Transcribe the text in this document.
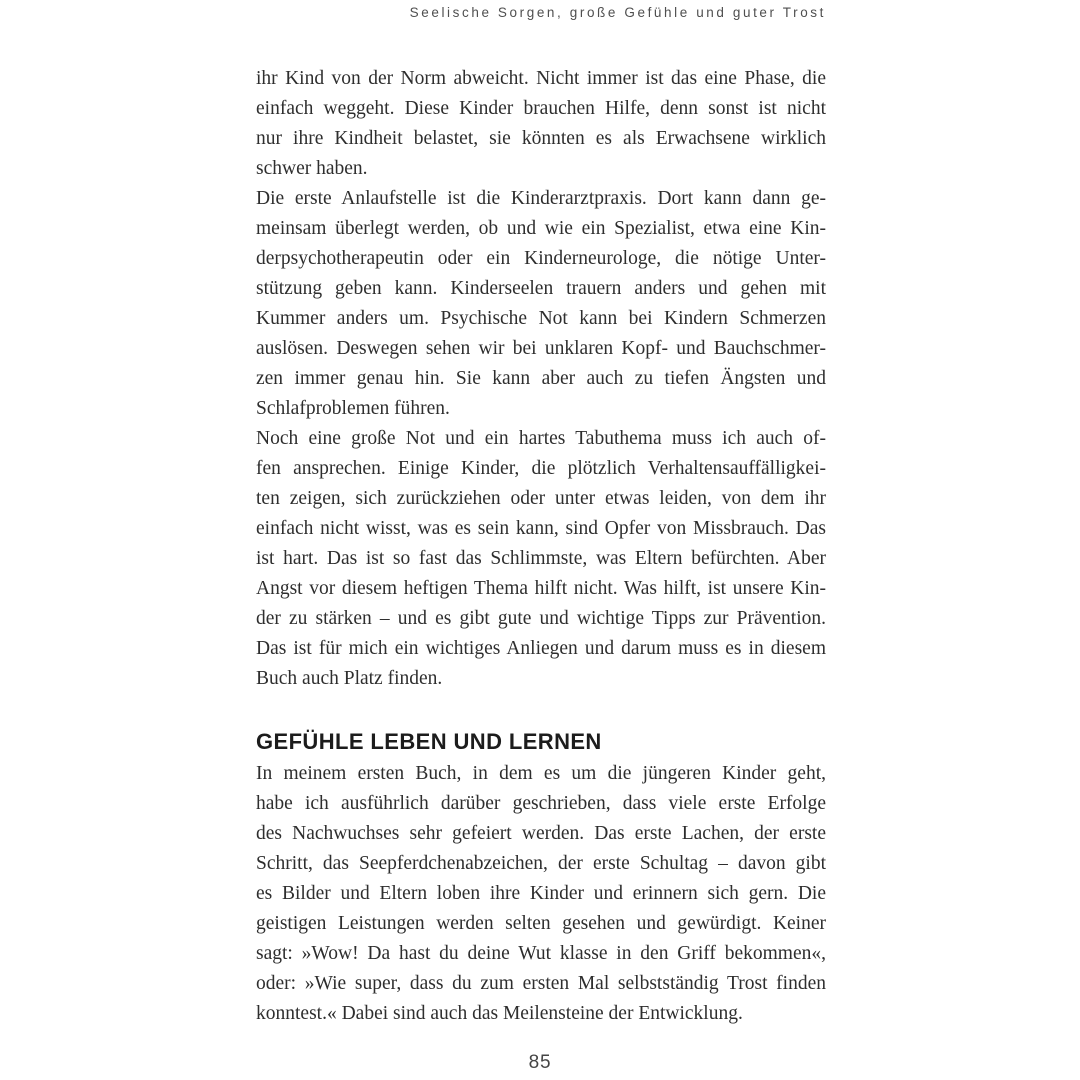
Seelische Sorgen, große Gefühle und guter Trost
ihr Kind von der Norm abweicht. Nicht immer ist das eine Phase, die
einfach weggeht. Diese Kinder brauchen Hilfe, denn sonst ist nicht
nur ihre Kindheit belastet, sie könnten es als Erwachsene wirklich
schwer haben.
Die erste Anlaufstelle ist die Kinderarztpraxis. Dort kann dann ge-
meinsam überlegt werden, ob und wie ein Spezialist, etwa eine Kin-
derpsychotherapeutin oder ein Kinderneurologe, die nötige Unter-
stützung geben kann. Kinderseelen trauern anders und gehen mit
Kummer anders um. Psychische Not kann bei Kindern Schmerzen
auslösen. Deswegen sehen wir bei unklaren Kopf- und Bauchschmer-
zen immer genau hin. Sie kann aber auch zu tiefen Ängsten und
Schlafproblemen führen.
Noch eine große Not und ein hartes Tabuthema muss ich auch of-
fen ansprechen. Einige Kinder, die plötzlich Verhaltensauffälligkei-
ten zeigen, sich zurückziehen oder unter etwas leiden, von dem ihr
einfach nicht wisst, was es sein kann, sind Opfer von Missbrauch. Das
ist hart. Das ist so fast das Schlimmste, was Eltern befürchten. Aber
Angst vor diesem heftigen Thema hilft nicht. Was hilft, ist unsere Kin-
der zu stärken – und es gibt gute und wichtige Tipps zur Prävention.
Das ist für mich ein wichtiges Anliegen und darum muss es in diesem
Buch auch Platz finden.
GEFÜHLE LEBEN UND LERNEN
In meinem ersten Buch, in dem es um die jüngeren Kinder geht,
habe ich ausführlich darüber geschrieben, dass viele erste Erfolge
des Nachwuchses sehr gefeiert werden. Das erste Lachen, der erste
Schritt, das Seepferdchenabzeichen, der erste Schultag – davon gibt
es Bilder und Eltern loben ihre Kinder und erinnern sich gern. Die
geistigen Leistungen werden selten gesehen und gewürdigt. Keiner
sagt: »Wow! Da hast du deine Wut klasse in den Griff bekommen«,
oder: »Wie super, dass du zum ersten Mal selbstständig Trost finden
konntest.« Dabei sind auch das Meilensteine der Entwicklung.
85
